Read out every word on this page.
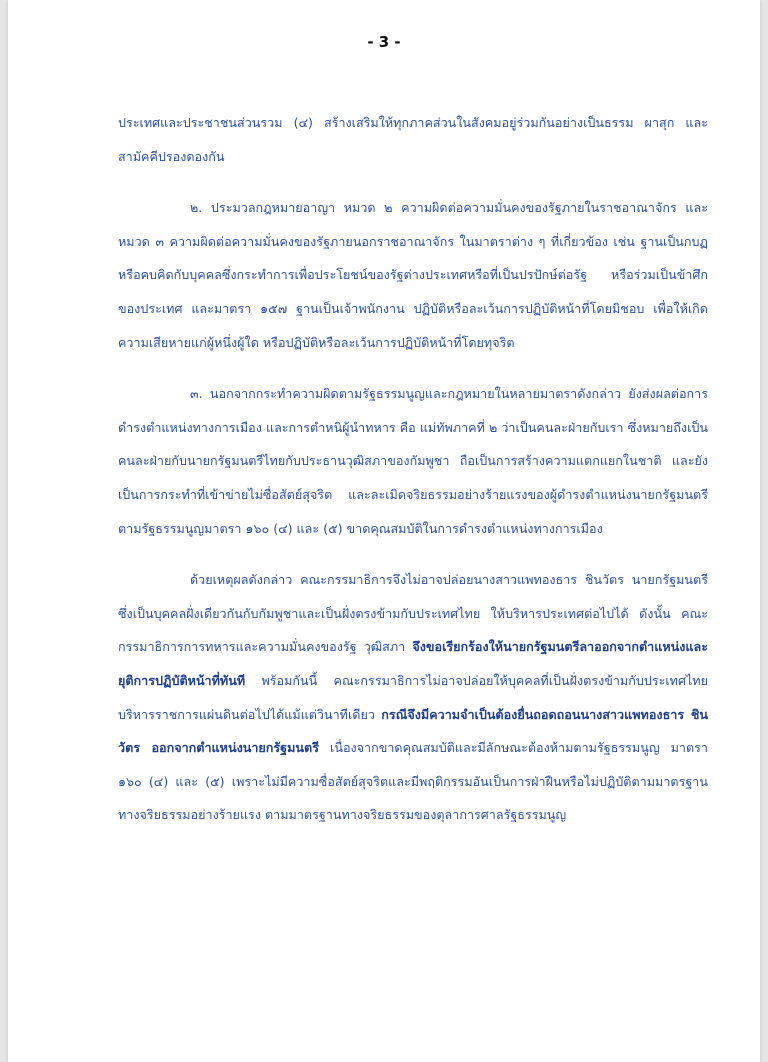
- 3 -

ประเทศและประชาชนส่วนรวม (๔) สร้างเสริมให้ทุกภาคส่วนในสังคมอยู่ร่วมกันอย่างเป็นธรรม ผาสุก และสามัคคีปรองดองกัน

๒. ประมวลกฎหมายอาญา หมวด ๒ ความผิดต่อความมั่นคงของรัฐภายในราชอาณาจักร และหมวด ๓ ความผิดต่อความมั่นคงของรัฐภายนอกราชอาณาจักร ในมาตราต่าง ๆ ที่เกี่ยวข้อง เช่น ฐานเป็นกบฏ หรือคบคิดกับบุคคลซึ่งกระทำการเพื่อประโยชน์ของรัฐต่างประเทศหรือที่เป็นปรปักษ์ต่อรัฐ หรือร่วมเป็นข้าศึกของประเทศ และมาตรา ๑๕๗ ฐานเป็นเจ้าพนักงาน ปฏิบัติหรือละเว้นการปฏิบัติหน้าที่โดยมิชอบ เพื่อให้เกิดความเสียหายแก่ผู้หนึ่งผู้ใด หรือปฏิบัติหรือละเว้นการปฏิบัติหน้าที่โดยทุจริต

๓. นอกจากกระทำความผิดตามรัฐธรรมนูญและกฎหมายในหลายมาตราดังกล่าว ยังส่งผลต่อการดำรงตำแหน่งทางการเมือง และการตำหนิผู้นำทหาร คือ แม่ทัพภาคที่ ๒ ว่าเป็นคนละฝ่ายกับเรา ซึ่งหมายถึงเป็นคนละฝ่ายกับนายกรัฐมนตรีไทยกับประธานวุฒิสภาของกัมพูชา ถือเป็นการสร้างความแตกแยกในชาติ และยังเป็นการกระทำที่เข้าข่ายไม่ซื่อสัตย์สุจริต และละเมิดจริยธรรมอย่างร้ายแรงของผู้ดำรงตำแหน่งนายกรัฐมนตรี ตามรัฐธรรมนูญมาตรา ๑๖๐ (๔) และ (๕) ขาดคุณสมบัติในการดำรงตำแหน่งทางการเมือง

ด้วยเหตุผลดังกล่าว คณะกรรมาธิการจึงไม่อาจปล่อยนางสาวแพทองธาร ชินวัตร นายกรัฐมนตรี ซึ่งเป็นบุคคลฝั่งเดียวกันกับกัมพูชาและเป็นฝั่งตรงข้ามกับประเทศไทย ให้บริหารประเทศต่อไปได้ ดังนั้น คณะกรรมาธิการการทหารและความมั่นคงของรัฐ วุฒิสภา จึงขอเรียกร้องให้นายกรัฐมนตรีลาออกจากตำแหน่งและยุติการปฏิบัติหน้าที่ทันที พร้อมกันนี้ คณะกรรมาธิการไม่อาจปล่อยให้บุคคลที่เป็นฝั่งตรงข้ามกับประเทศไทยบริหารราชการแผ่นดินต่อไปได้แม้แต่วินาทีเดียว กรณีจึงมีความจำเป็นต้องยื่นถอดถอนนางสาวแพทองธาร ชินวัตร ออกจากตำแหน่งนายกรัฐมนตรี เนื่องจากขาดคุณสมบัติและมีลักษณะต้องห้ามตามรัฐธรรมนูญ มาตรา ๑๖๐ (๔) และ (๕) เพราะไม่มีความซื่อสัตย์สุจริตและมีพฤติกรรมอันเป็นการฝ่าฝืนหรือไม่ปฏิบัติตามมาตรฐานทางจริยธรรมอย่างร้ายแรง ตามมาตรฐานทางจริยธรรมของตุลาการศาลรัฐธรรมนูญ
